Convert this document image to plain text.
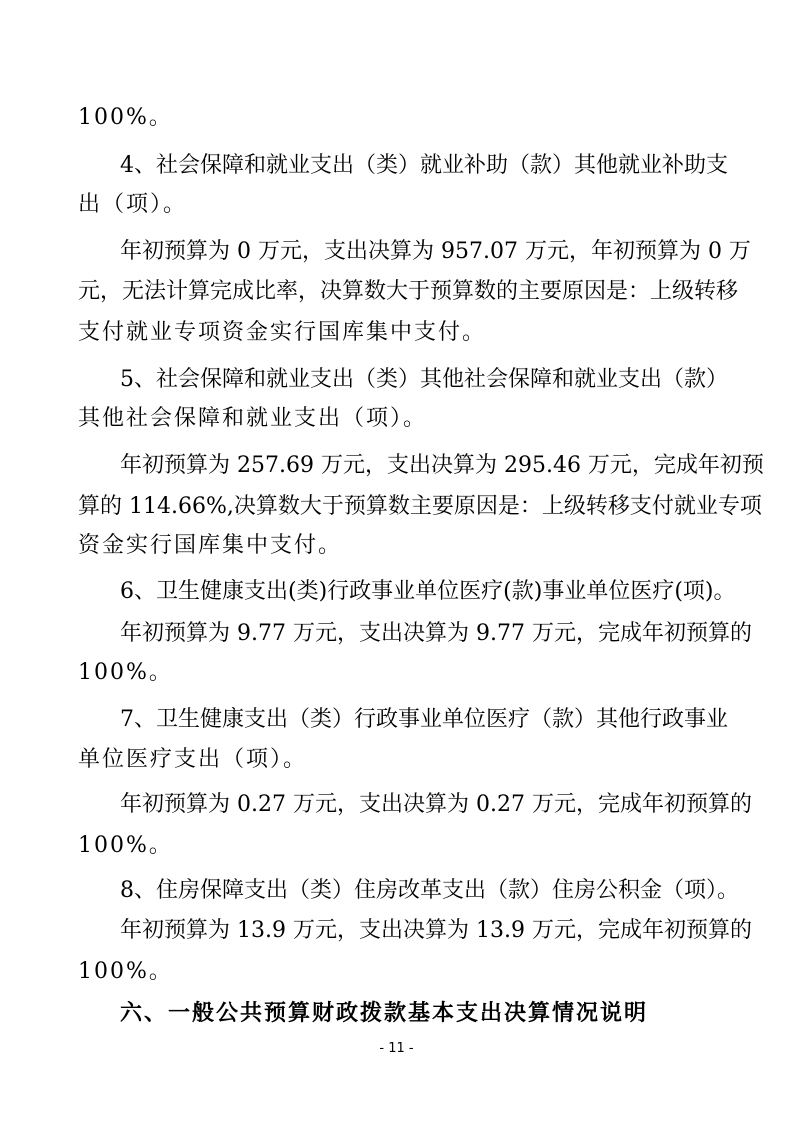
100%。
4、社会保障和就业支出（类）就业补助（款）其他就业补助支
出（项）。
年初预算为 0 万元，支出决算为 957.07 万元，年初预算为 0 万
元，无法计算完成比率，决算数大于预算数的主要原因是：上级转移
支付就业专项资金实行国库集中支付。
5、社会保障和就业支出（类）其他社会保障和就业支出（款）
其他社会保障和就业支出（项）。
年初预算为 257.69 万元，支出决算为 295.46 万元，完成年初预
算的 114.66%,决算数大于预算数主要原因是：上级转移支付就业专项
资金实行国库集中支付。
6、卫生健康支出(类)行政事业单位医疗(款)事业单位医疗(项)。
年初预算为 9.77 万元，支出决算为 9.77 万元，完成年初预算的
100%。
7、卫生健康支出（类）行政事业单位医疗（款）其他行政事业
单位医疗支出（项）。
年初预算为 0.27 万元，支出决算为 0.27 万元，完成年初预算的
100%。
8、住房保障支出（类）住房改革支出（款）住房公积金（项）。
年初预算为 13.9 万元，支出决算为 13.9 万元，完成年初预算的
100%。
六、一般公共预算财政拨款基本支出决算情况说明
- 11 -
